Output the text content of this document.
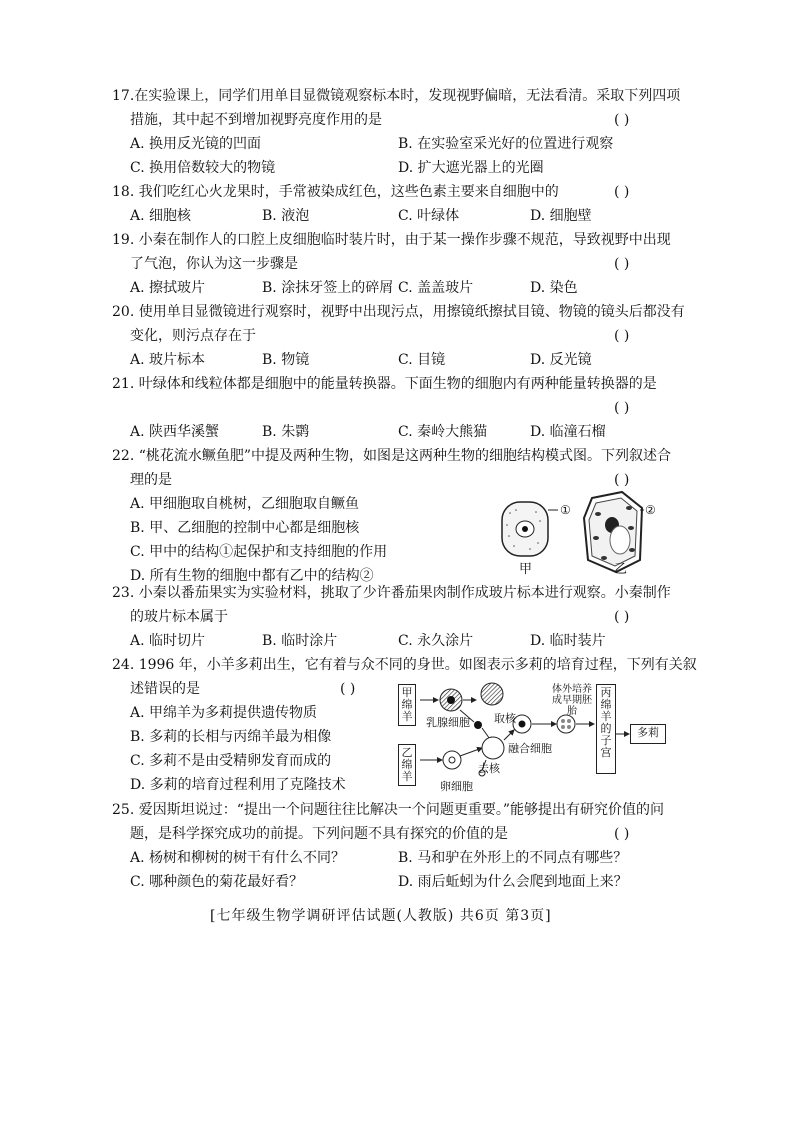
17.在实验课上，同学们用单目显微镜观察标本时，发现视野偏暗，无法看清。采取下列四项
措施，其中起不到增加视野亮度作用的是	( )
A. 换用反光镜的凹面	B. 在实验室采光好的位置进行观察
C. 换用倍数较大的物镜	D. 扩大遮光器上的光圈
18. 我们吃红心火龙果时，手常被染成红色，这些色素主要来自细胞中的	( )
A. 细胞核	B. 液泡	C. 叶绿体	D. 细胞壁
19. 小秦在制作人的口腔上皮细胞临时装片时，由于某一操作步骤不规范，导致视野中出现
了气泡，你认为这一步骤是	( )
A. 擦拭玻片	B. 涂抹牙签上的碎屑 C. 盖盖玻片	D. 染色
20. 使用单目显微镜进行观察时，视野中出现污点，用擦镜纸擦拭目镜、物镜的镜头后都没有
变化，则污点存在于	( )
A. 玻片标本	B. 物镜	C. 目镜	D. 反光镜
21. 叶绿体和线粒体都是细胞中的能量转换器。下面生物的细胞内有两种能量转换器的是
( )
A. 陕西华溪蟹	B. 朱鹮	C. 秦岭大熊猫	D. 临潼石榴
22. “桃花流水鳜鱼肥”中提及两种生物，如图是这两种生物的细胞结构模式图。下列叙述合
理的是	( )
A. 甲细胞取自桃树，乙细胞取自鳜鱼
B. 甲、乙细胞的控制中心都是细胞核
C. 甲中的结构①起保护和支持细胞的作用
D. 所有生物的细胞中都有乙中的结构②
①	②
甲	乙
23. 小秦以番茄果实为实验材料，挑取了少许番茄果肉制作成玻片标本进行观察。小秦制作
的玻片标本属于	( )
A. 临时切片	B. 临时涂片	C. 永久涂片	D. 临时装片
24. 1996 年，小羊多莉出生，它有着与众不同的身世。如图表示多莉的培育过程，下列有关叙
述错误的是	( )
A. 甲绵羊为多莉提供遗传物质
B. 多莉的长相与丙绵羊最为相像
C. 多莉不是由受精卵发育而成的
D. 多莉的培育过程利用了克隆技术
甲绵羊
乙绵羊
乳腺细胞 取核
卵细胞
去核
融合细胞
体外培养成早期胚胎
丙绵羊的子宫
多莉
25. 爱因斯坦说过：“提出一个问题往往比解决一个问题更重要。”能够提出有研究价值的问
题，是科学探究成功的前提。下列问题不具有探究的价值的是	( )
A. 杨树和柳树的树干有什么不同？	B. 马和驴在外形上的不同点有哪些？
C. 哪种颜色的菊花最好看？	D. 雨后蚯蚓为什么会爬到地面上来？
[七年级生物学调研评估试题(人教版) 共6页 第3页]
